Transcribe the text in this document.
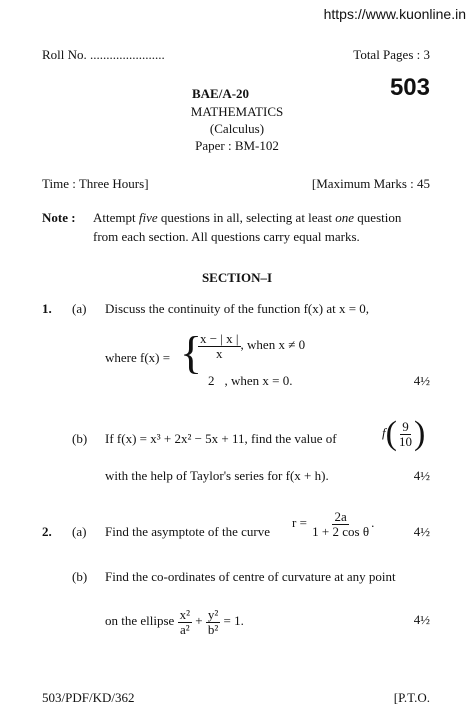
https://www.kuonline.in
Roll No. .......................	Total Pages : 3
BAE/A-20	503
MATHEMATICS
(Calculus)
Paper : BM-102
Time : Three Hours]	[Maximum Marks : 45
Note : Attempt five questions in all, selecting at least one question
from each section. All questions carry equal marks.
SECTION–I
1. (a) Discuss the continuity of the function f(x) at x = 0,
where f(x) = {
$\frac{x - | x |}{x}$ , when x ≠ 0
2 , when x = 0.	4½
(b) If f(x) = x³ + 2x² − 5x + 11, find the value of	$f( \frac{9}{10}$ )
with the help of Taylor's series for f(x + h).	4½
2. (a) Find the asymptote of the curve
$r = \frac{2a}{\text{1 + 2 cos θ}}$ .
4½
(b) Find the co-ordinates of centre of curvature at any point
on the ellipse $\frac{\text{x²}}{\text{a²}} + \frac{\text{y²}}{\text{b²}} = 1$.	4½
503/PDF/KD/362	[P.T.O.
